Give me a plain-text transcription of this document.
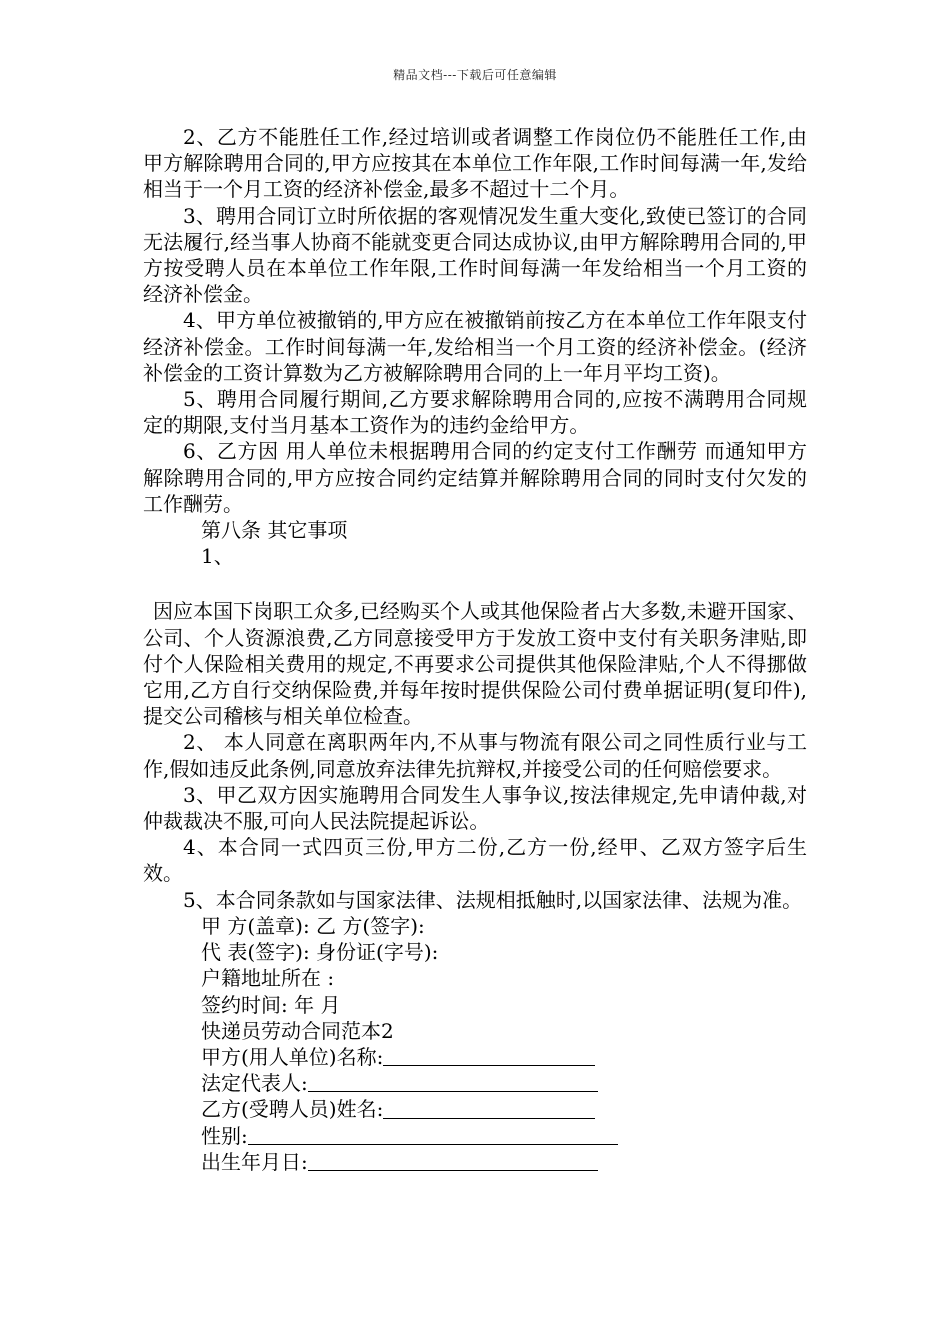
精品文档---下载后可任意编辑

2、乙方不能胜任工作,经过培训或者调整工作岗位仍不能胜任工作,由甲方解除聘用合同的,甲方应按其在本单位工作年限,工作时间每满一年,发给相当于一个月工资的经济补偿金,最多不超过十二个月。

3、聘用合同订立时所依据的客观情况发生重大变化,致使已签订的合同无法履行,经当事人协商不能就变更合同达成协议,由甲方解除聘用合同的,甲方按受聘人员在本单位工作年限,工作时间每满一年发给相当一个月工资的经济补偿金。

4、甲方单位被撤销的,甲方应在被撤销前按乙方在本单位工作年限支付经济补偿金。工作时间每满一年,发给相当一个月工资的经济补偿金。(经济补偿金的工资计算数为乙方被解除聘用合同的上一年月平均工资)。

5、聘用合同履行期间,乙方要求解除聘用合同的,应按不满聘用合同规定的期限,支付当月基本工资作为的违约金给甲方。

6、乙方因 用人单位未根据聘用合同的约定支付工作酬劳 而通知甲方解除聘用合同的,甲方应按合同约定结算并解除聘用合同的同时支付欠发的工作酬劳。

第八条 其它事项

1、

因应本国下岗职工众多,已经购买个人或其他保险者占大多数,未避开国家、公司、个人资源浪费,乙方同意接受甲方于发放工资中支付有关职务津贴,即付个人保险相关费用的规定,不再要求公司提供其他保险津贴,个人不得挪做它用,乙方自行交纳保险费,并每年按时提供保险公司付费单据证明(复印件),提交公司稽核与相关单位检查。

2、 本人同意在离职两年内,不从事与物流有限公司之同性质行业与工作,假如违反此条例,同意放弃法律先抗辩权,并接受公司的任何赔偿要求。

3、甲乙双方因实施聘用合同发生人事争议,按法律规定,先申请仲裁,对仲裁裁决不服,可向人民法院提起诉讼。

4、本合同一式四页三份,甲方二份,乙方一份,经甲、乙双方签字后生效。

5、本合同条款如与国家法律、法规相抵触时,以国家法律、法规为准。

甲 方(盖章): 乙 方(签字):

代 表(签字): 身份证(字号):

户籍地址所在 :

签约时间: 年 月

快递员劳动合同范本2

甲方(用人单位)名称:
法定代表人:
乙方(受聘人员)姓名:
性别:
出生年月日:
